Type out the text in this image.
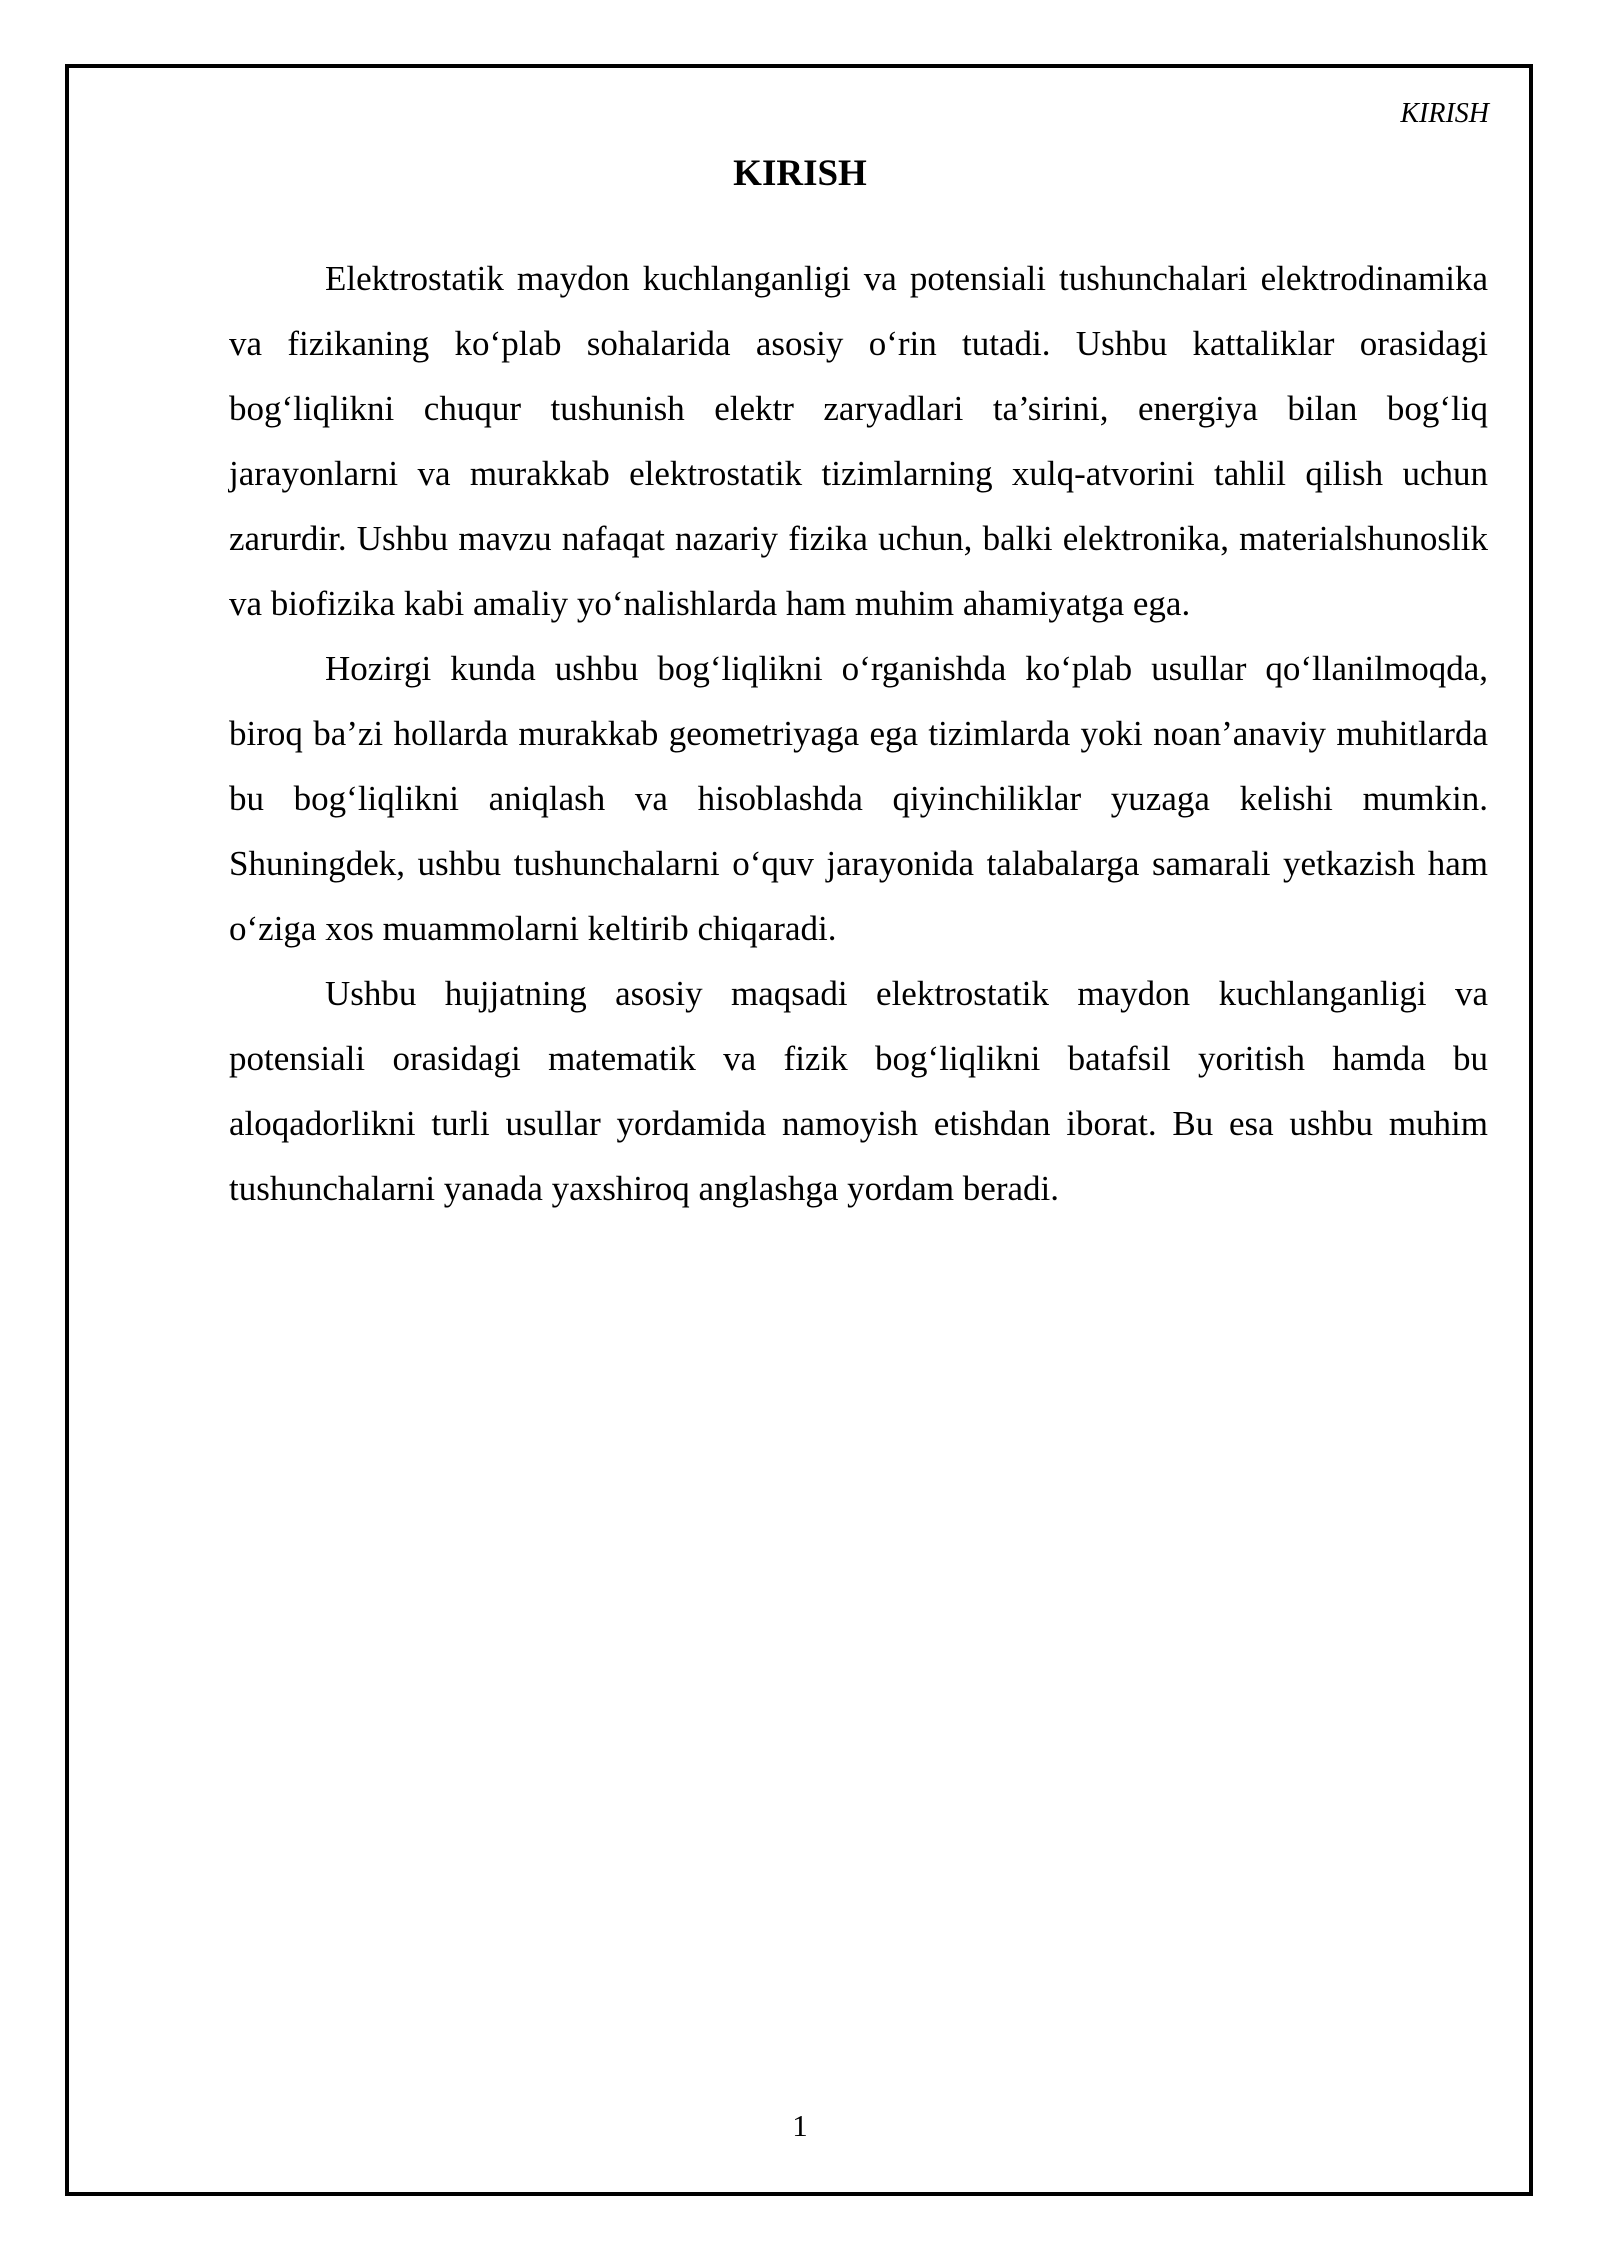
KIRISH
KIRISH

Elektrostatik maydon kuchlanganligi va potensiali tushunchalari elektrodinamika va fizikaning ko‘plab sohalarida asosiy o‘rin tutadi. Ushbu kattaliklar orasidagi bog‘liqlikni chuqur tushunish elektr zaryadlari ta’sirini, energiya bilan bog‘liq jarayonlarni va murakkab elektrostatik tizimlarning xulq-atvorini tahlil qilish uchun zarurdir. Ushbu mavzu nafaqat nazariy fizika uchun, balki elektronika, materialshunoslik va biofizika kabi amaliy yo‘nalishlarda ham muhim ahamiyatga ega.

Hozirgi kunda ushbu bog‘liqlikni o‘rganishda ko‘plab usullar qo‘llanilmoqda, biroq ba’zi hollarda murakkab geometriyaga ega tizimlarda yoki noan’anaviy muhitlarda bu bog‘liqlikni aniqlash va hisoblashda qiyinchiliklar yuzaga kelishi mumkin. Shuningdek, ushbu tushunchalarni o‘quv jarayonida talabalarga samarali yetkazish ham o‘ziga xos muammolarni keltirib chiqaradi.

Ushbu hujjatning asosiy maqsadi elektrostatik maydon kuchlanganligi va potensiali orasidagi matematik va fizik bog‘liqlikni batafsil yoritish hamda bu aloqadorlikni turli usullar yordamida namoyish etishdan iborat. Bu esa ushbu muhim tushunchalarni yanada yaxshiroq anglashga yordam beradi.

1
